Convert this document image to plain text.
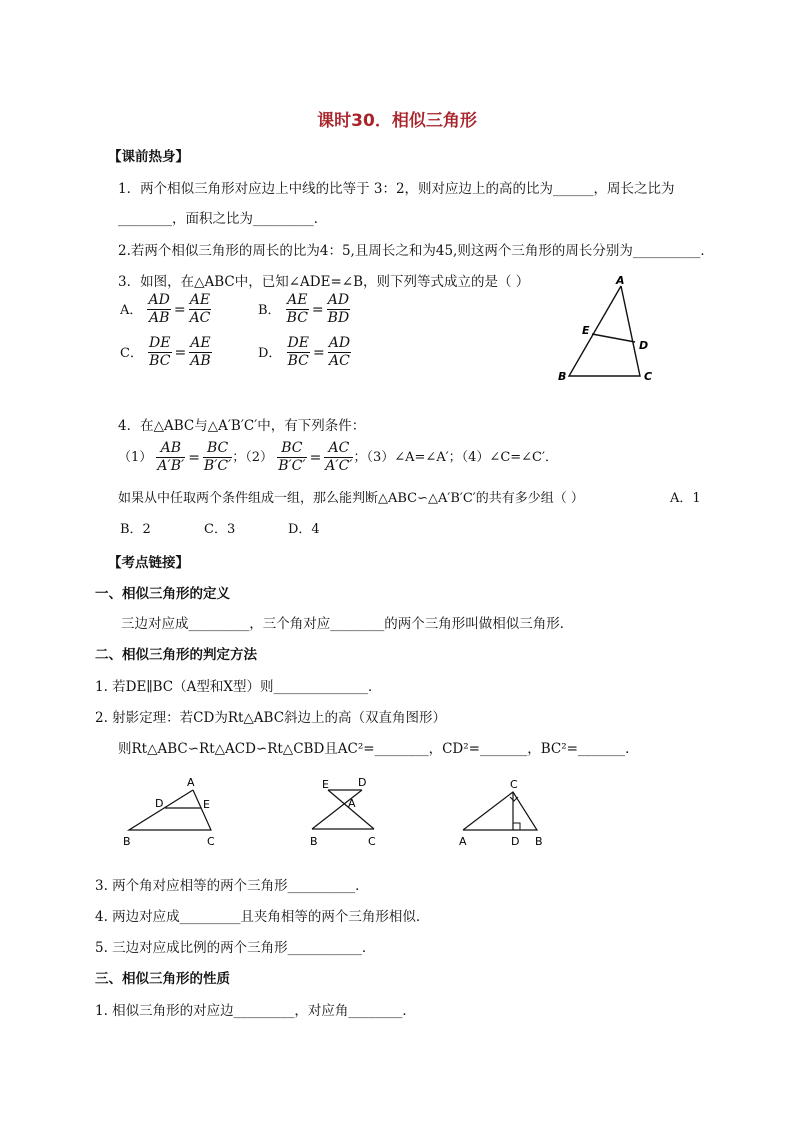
课时30．相似三角形
【课前热身】
1．两个相似三角形对应边上中线的比等于 3：2，则对应边上的高的比为______，周长之比为
________，面积之比为_________．
2.若两个相似三角形的周长的比为4：5,且周长之和为45,则这两个三角形的周长分别为__________．
3．如图，在△ABC中，已知∠ADE=∠B，则下列等式成立的是（ ）
A． $\frac{AD}{AB} = \frac{AE}{AC}$	B． $\frac{AE}{BC} = \frac{AD}{BD}$
C． $\frac{DE}{BC} = \frac{AE}{AB}$	D． $\frac{DE}{BC} = \frac{AD}{AC}$
A
B	C
D
E
4．在△ABC与△A′B′C′中，有下列条件：
$(1) \frac{AB}{A'B'} = \frac{BC}{B'C'}$ ；$(2) \frac{BC}{B'C'} = \frac{AC}{A'C'}$ ；（3）∠A=∠A′；（4）∠C=∠C′．
如果从中任取两个条件组成一组，那么能判断△ABC∽△A′B′C′的共有多少组（ ）	A．1
B．2	C．3	D．4
【考点链接】
一、相似三角形的定义
三边对应成_________，三个角对应________的两个三角形叫做相似三角形．
二、相似三角形的判定方法
1. 若DE∥BC（A型和X型）则______________．
2. 射影定理：若CD为Rt△ABC斜边上的高（双直角图形）
则Rt△ABC∽Rt△ACD∽Rt△CBD且AC²=________，CD²=_______，BC²=_______．
A
D	E
B	C
E	D
A
B	C
C
A	D B
3. 两个角对应相等的两个三角形__________．
4. 两边对应成_________且夹角相等的两个三角形相似．
5. 三边对应成比例的两个三角形___________．
三、相似三角形的性质
1. 相似三角形的对应边_________，对应角________．
